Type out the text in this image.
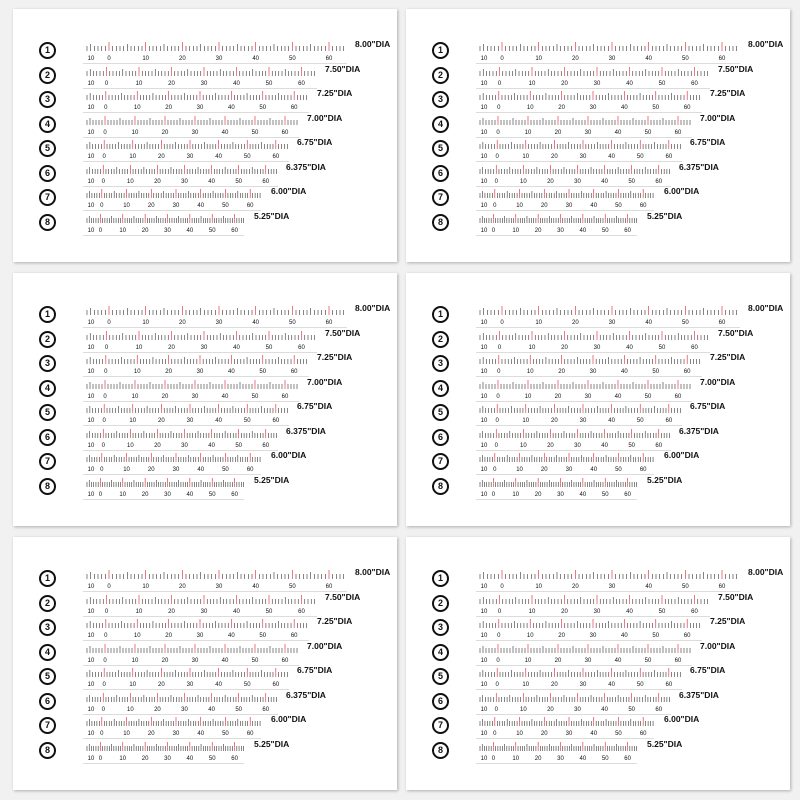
1
10 0	10	20	30	40	50	60
8.00"DIA
2
10 0	10	20	30	40	50	60
7.50"DIA
3
10 0	10	20	30	40	50	60
7.25"DIA
4
10 0	10	20	30	40	50	60
7.00"DIA
5
10 0	10	20	30	40	50	60
6.75"DIA
6
10 0	10	20	30	40	50	60
6.375"DIA
7
10 0	10	20	30	40	50	60
6.00"DIA
8
10 0	10	20	30	40	50	60
5.25"DIA
1
10 0	10	20	30	40	50	60
8.00"DIA
2
10 0	10	20	30	40	50	60
7.50"DIA
3
10 0	10	20	30	40	50	60
7.25"DIA
4
10 0	10	20	30	40	50	60
7.00"DIA
5
10 0	10	20	30	40	50	60
6.75"DIA
6
10 0	10	20	30	40	50	60
6.375"DIA
7
10 0	10	20	30	40	50	60
6.00"DIA
8
10 0	10	20	30	40	50	60
5.25"DIA
1
10 0	10	20	30	40	50	60
8.00"DIA
2
10 0	10	20	30	40	50	60
7.50"DIA
3
10 0	10	20	30	40	50	60
7.25"DIA
4
10 0	10	20	30	40	50	60
7.00"DIA
5
10 0	10	20	30	40	50	60
6.75"DIA
6
10 0	10	20	30	40	50	60
6.375"DIA
7
10 0	10	20	30	40	50	60
6.00"DIA
8
10 0	10	20	30	40	50	60
5.25"DIA
1
10 0	10	20	30	40	50	60
8.00"DIA
2
10 0	10	20	30	40	50	60
7.50"DIA
3
10 0	10	20	30	40	50	60
7.25"DIA
4
10 0	10	20	30	40	50	60
7.00"DIA
5
10 0	10	20	30	40	50	60
6.75"DIA
6
10 0	10	20	30	40	50	60
6.375"DIA
7
10 0	10	20	30	40	50	60
6.00"DIA
8
10 0	10	20	30	40	50	60
5.25"DIA
1
10 0	10	20	30	40	50	60
8.00"DIA
2
10 0	10	20	30	40	50	60
7.50"DIA
3
10 0	10	20	30	40	50	60
7.25"DIA
4
10 0	10	20	30	40	50	60
7.00"DIA
5
10 0	10	20	30	40	50	60
6.75"DIA
6
10 0	10	20	30	40	50	60
6.375"DIA
7
10 0	10	20	30	40	50	60
6.00"DIA
8
10 0	10	20	30	40	50	60
5.25"DIA
1
10 0	10	20	30	40	50	60
8.00"DIA
2
10 0	10	20	30	40	50	60
7.50"DIA
3
10 0	10	20	30	40	50	60
7.25"DIA
4
10 0	10	20	30	40	50	60
7.00"DIA
5
10 0	10	20	30	40	50	60
6.75"DIA
6
10 0	10	20	30	40	50	60
6.375"DIA
7
10 0	10	20	30	40	50	60
6.00"DIA
8
10 0	10	20	30	40	50	60
5.25"DIA
